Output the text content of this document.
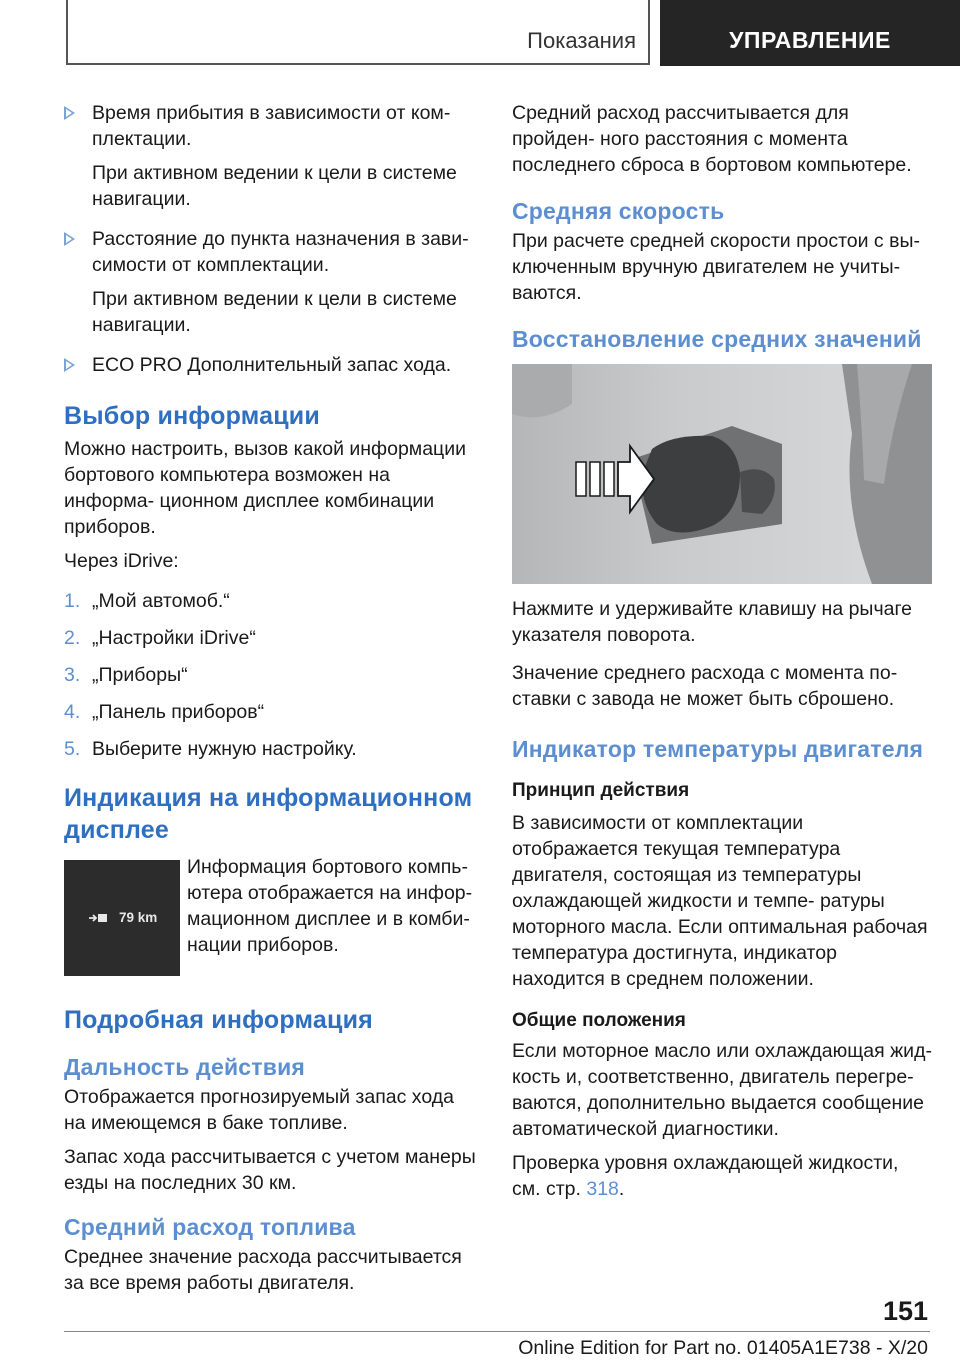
Показания	УПРАВЛЕНИЕ

Время прибытия в зависимости от ком- плектации.

При активном ведении к цели в системе навигации.

Расстояние до пункта назначения в зави- симости от комплектации.

При активном ведении к цели в системе навигации.

ECO PRO Дополнительный запас хода.

Выбор информации

Можно настроить, вызов какой информации бортового компьютера возможен на информа- ционном дисплее комбинации приборов.

Через iDrive:

1. „Мой автомоб.“
2. „Настройки iDrive“
3. „Приборы“
4. „Панель приборов“
5. Выберите нужную настройку.
Индикация на информационном дисплее
79 km

Информация бортового компь- ютера отображается на инфор- мационном дисплее и в комби- нации приборов.

Подробная информация
Дальность действия

Отображается прогнозируемый запас хода на имеющемся в баке топливе.

Запас хода рассчитывается с учетом манеры езды на последних 30 км.

Средний расход топлива

Среднее значение расхода рассчитывается за все время работы двигателя.

Средний расход рассчитывается для пройден- ного расстояния с момента последнего сброса в бортовом компьютере.

Средняя скорость

При расчете средней скорости простои с вы- ключенным вручную двигателем не учиты- ваются.

Восстановление средних значений

Нажмите и удерживайте клавишу на рычаге указателя поворота.

Значение среднего расхода с момента по- ставки с завода не может быть сброшено.

Индикатор температуры двигателя
Принцип действия

В зависимости от комплектации отображается текущая температура двигателя, состоящая из температуры охлаждающей жидкости и темпе- ратуры моторного масла. Если оптимальная рабочая температура достигнута, индикатор находится в среднем положении.

Общие положения

Если моторное масло или охлаждающая жид- кость и, соответственно, двигатель перегре- ваются, дополнительно выдается сообщение автоматической диагностики.

Проверка уровня охлаждающей жидкости, см. стр. 318.

151
Online Edition for Part no. 01405A1E738 - X/20
